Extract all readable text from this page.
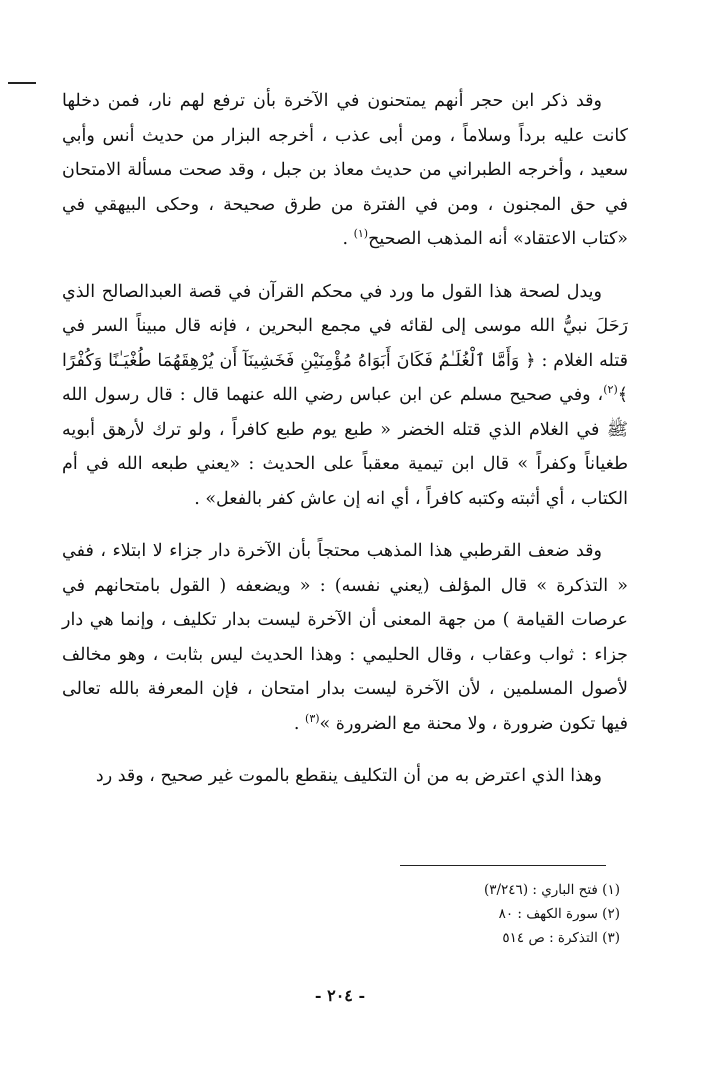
وقد ذكر ابن حجر أنهم يمتحنون في الآخرة بأن ترفع لهم نار، فمن دخلها كانت عليه برداً وسلاماً ، ومن أبى عذب ، أخرجه البزار من حديث أنس وأبي سعيد ، وأخرجه الطبراني من حديث معاذ بن جبل ، وقد صحت مسألة الامتحان في حق المجنون ، ومن في الفترة من طرق صحيحة ، وحكى البيهقي في «كتاب الاعتقاد» أنه المذهب الصحيح$^{(١)}$ .

ويدل لصحة هذا القول ما ورد في محكم القرآن في قصة العبدالصالح الذي رَحَلَ نبيُّ الله موسى إلى لقائه في مجمع البحرين ، فإنه قال مبيناً السر في قتله الغلام : ﴿ وَأَمَّا ٱلْغُلَـٰمُ فَكَانَ أَبَوَاهُ مُؤْمِنَيْنِ فَخَشِينَآ أَن يُرْهِقَهُمَا طُغْيَـٰنًا وَكُفْرًا ﴾$^{(٢)}$، وفي صحيح مسلم عن ابن عباس رضي الله عنهما قال : قال رسول الله ﷺ في الغلام الذي قتله الخضر « طبع يوم طبع كافراً ، ولو ترك لأرهق أبويه طغياناً وكفراً » قال ابن تيمية معقباً على الحديث : «يعني طبعه الله في أم الكتاب ، أي أثبته وكتبه كافراً ، أي انه إن عاش كفر بالفعل» .

وقد ضعف القرطبي هذا المذهب محتجاً بأن الآخرة دار جزاء لا ابتلاء ، ففي « التذكرة » قال المؤلف (يعني نفسه) : « ويضعفه ( القول بامتحانهم في عرصات القيامة ) من جهة المعنى أن الآخرة ليست بدار تكليف ، وإنما هي دار جزاء : ثواب وعقاب ، وقال الحليمي : وهذا الحديث ليس بثابت ، وهو مخالف لأصول المسلمين ، لأن الآخرة ليست بدار امتحان ، فإن المعرفة بالله تعالى فيها تكون ضرورة ، ولا محنة مع الضرورة »$^{(٣)}$ .

وهذا الذي اعترض به من أن التكليف ينقطع بالموت غير صحيح ، وقد رد

(١) فتح الباري : (٣/٢٤٦)
(٢) سورة الكهف : ٨٠
(٣) التذكرة : ص ٥١٤
- ٢٠٤ -
